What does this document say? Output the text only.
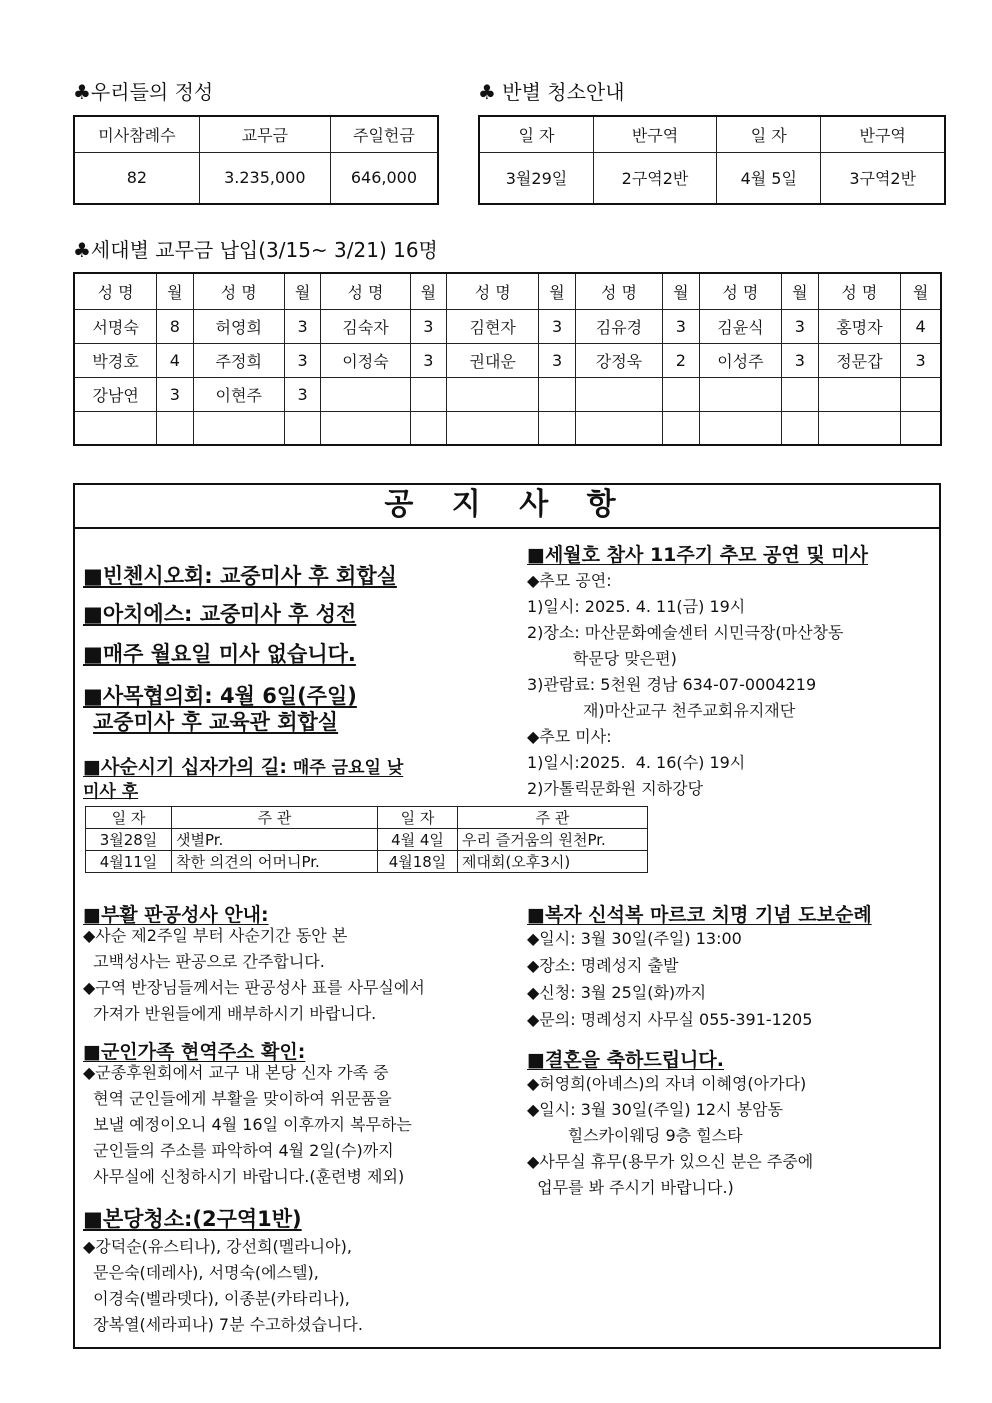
♣우리들의 정성
미사참례수	교무금	주일헌금
82	3.235,000	646,000
♣ 반별 청소안내
일 자	반구역	일 자	반구역
3월29일	2구역2반	4월 5일	3구역2반
♣세대별 교무금 납입(3/15~ 3/21) 16명
성 명	월	성 명	월	성 명	월	성 명	월	성 명	월	성 명	월	성 명	월
서명숙	8	허영희	3	김숙자	3	김현자	3	김유경	3	김윤식	3	홍명자	4
박경호	4	주정희	3	이정숙	3	권대운	3	강정욱	2	이성주	3	정문갑	3
강남연	3	이현주	3										

공 지 사 항
■빈첸시오회: 교중미사 후 회합실
■아치에스: 교중미사 후 성전
■매주 월요일 미사 없습니다.
■사목협의회: 4월 6일(주일)
교중미사 후 교육관 회합실
■사순시기 십자가의 길: 매주 금요일 낮
미사 후
일 자	주 관	일 자	주 관
3월28일	샛별Pr.	4월 4일	우리 즐거움의 원천Pr.
4월11일	착한 의견의 어머니Pr.	4월18일	제대회(오후3시)
■부활 판공성사 안내:
◆사순 제2주일 부터 사순기간 동안 본
고백성사는 판공으로 간주합니다.
◆구역 반장님들께서는 판공성사 표를 사무실에서
가져가 반원들에게 배부하시기 바랍니다.
■군인가족 현역주소 확인:
◆군종후원회에서 교구 내 본당 신자 가족 중
현역 군인들에게 부활을 맞이하여 위문품을
보낼 예정이오니 4월 16일 이후까지 복무하는
군인들의 주소를 파악하여 4월 2일(수)까지
사무실에 신청하시기 바랍니다.(훈련병 제외)
■본당청소:(2구역1반)
◆강덕순(유스티나), 강선희(멜라니아),
문은숙(데레사), 서명숙(에스텔),
이경숙(벨라뎃다), 이종분(카타리나),
장복열(세라피나) 7분 수고하셨습니다.
■세월호 참사 11주기 추모 공연 및 미사
◆추모 공연:
1)일시: 2025. 4. 11(금) 19시
2)장소: 마산문화예술센터 시민극장(마산창동
학문당 맞은편)
3)관람료: 5천원 경남 634-07-0004219
재)마산교구 천주교회유지재단
◆추모 미사:
1)일시:2025.  4. 16(수) 19시
2)가톨릭문화원 지하강당
■복자 신석복 마르코 치명 기념 도보순례
◆일시: 3월 30일(주일) 13:00
◆장소: 명례성지 출발
◆신청: 3월 25일(화)까지
◆문의: 명례성지 사무실 055-391-1205
■결혼을 축하드립니다.
◆허영희(아녜스)의 자녀 이혜영(아가다)
◆일시: 3월 30일(주일) 12시 봉암동
힐스카이웨딩 9층 힐스타
◆사무실 휴무(용무가 있으신 분은 주중에
업무를 봐 주시기 바랍니다.)
